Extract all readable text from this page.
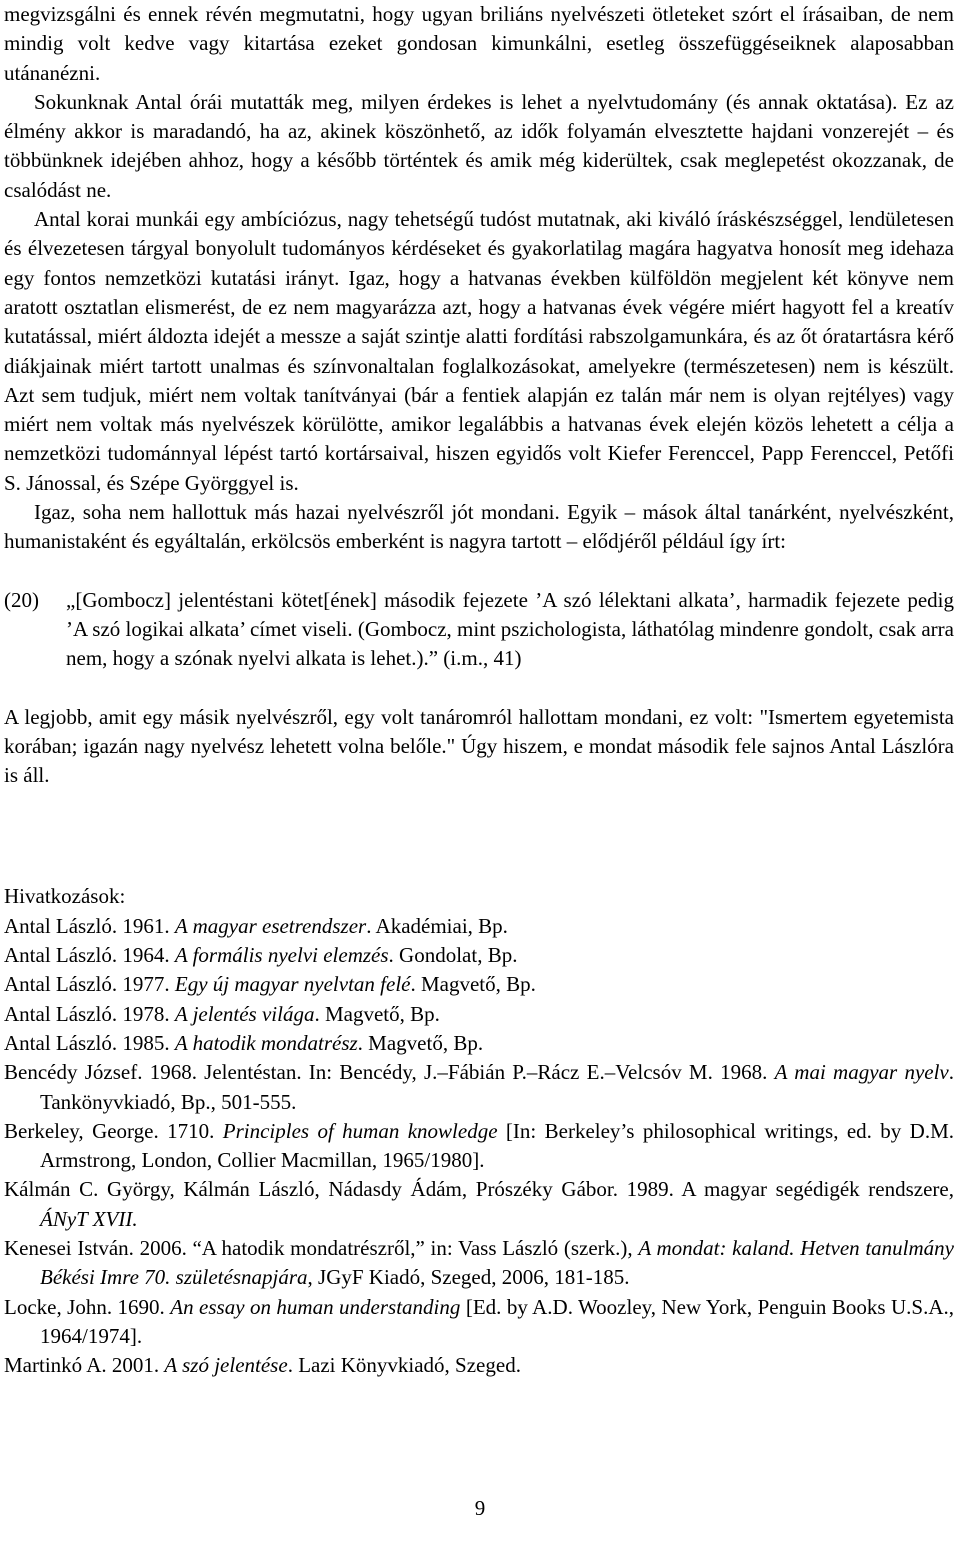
megvizsgálni és ennek révén megmutatni, hogy ugyan briliáns nyelvészeti ötleteket szórt el írásaiban, de nem mindig volt kedve vagy kitartása ezeket gondosan kimunkálni, esetleg összefüggéseiknek alaposabban utánanézni.

Sokunknak Antal órái mutatták meg, milyen érdekes is lehet a nyelvtudomány (és annak oktatása). Ez az élmény akkor is maradandó, ha az, akinek köszönhető, az idők folyamán elvesztette hajdani vonzerejét – és többünknek idejében ahhoz, hogy a később történtek és amik még kiderültek, csak meglepetést okozzanak, de csalódást ne.

Antal korai munkái egy ambíciózus, nagy tehetségű tudóst mutatnak, aki kiváló íráskészséggel, lendületesen és élvezetesen tárgyal bonyolult tudományos kérdéseket és gyakorlatilag magára hagyatva honosít meg idehaza egy fontos nemzetközi kutatási irányt. Igaz, hogy a hatvanas években külföldön megjelent két könyve nem aratott osztatlan elismerést, de ez nem magyarázza azt, hogy a hatvanas évek végére miért hagyott fel a kreatív kutatással, miért áldozta idejét a messze a saját szintje alatti fordítási rabszolgamunkára, és az őt óratartásra kérő diákjainak miért tartott unalmas és színvonaltalan foglalkozásokat, amelyekre (természetesen) nem is készült. Azt sem tudjuk, miért nem voltak tanítványai (bár a fentiek alapján ez talán már nem is olyan rejtélyes) vagy miért nem voltak más nyelvészek körülötte, amikor legalábbis a hatvanas évek elején közös lehetett a célja a nemzetközi tudománnyal lépést tartó kortársaival, hiszen egyidős volt Kiefer Ferenccel, Papp Ferenccel, Petőfi S. Jánossal, és Szépe Györggyel is.

Igaz, soha nem hallottuk más hazai nyelvészről jót mondani. Egyik – mások által tanárként, nyelvészként, humanistaként és egyáltalán, erkölcsös emberként is nagyra tartott – elődjéről például így írt:

(20)	„[Gombocz] jelentéstani kötet[ének] második fejezete ’A szó lélektani alkata’, harmadik fejezete pedig ’A szó logikai alkata’ címet viseli. (Gombocz, mint pszichologista, láthatólag mindenre gondolt, csak arra nem, hogy a szónak nyelvi alkata is lehet.).” (i.m., 41)

A legjobb, amit egy másik nyelvészről, egy volt tanáromról hallottam mondani, ez volt: "Ismertem egyetemista korában; igazán nagy nyelvész lehetett volna belőle." Úgy hiszem, e mondat második fele sajnos Antal Lászlóra is áll.

Hivatkozások:

Antal László. 1961. A magyar esetrendszer. Akadémiai, Bp.

Antal László. 1964. A formális nyelvi elemzés. Gondolat, Bp.

Antal László. 1977. Egy új magyar nyelvtan felé. Magvető, Bp.

Antal László. 1978. A jelentés világa. Magvető, Bp.

Antal László. 1985. A hatodik mondatrész. Magvető, Bp.

Bencédy József. 1968. Jelentéstan. In: Bencédy, J.–Fábián P.–Rácz E.–Velcsóv M. 1968. A mai magyar nyelv. Tankönyvkiadó, Bp., 501-555.

Berkeley, George. 1710. Principles of human knowledge [In: Berkeley’s philosophical writings, ed. by D.M. Armstrong, London, Collier Macmillan, 1965/1980].

Kálmán C. György, Kálmán László, Nádasdy Ádám, Prószéky Gábor. 1989. A magyar segédigék rendszere, ÁNyT XVII.

Kenesei István. 2006. “A hatodik mondatrészről,” in: Vass László (szerk.), A mondat: kaland. Hetven tanulmány Békési Imre 70. születésnapjára, JGyF Kiadó, Szeged, 2006, 181-185.

Locke, John. 1690. An essay on human understanding [Ed. by A.D. Woozley, New York, Penguin Books U.S.A., 1964/1974].

Martinkó A. 2001. A szó jelentése. Lazi Könyvkiadó, Szeged.

9
